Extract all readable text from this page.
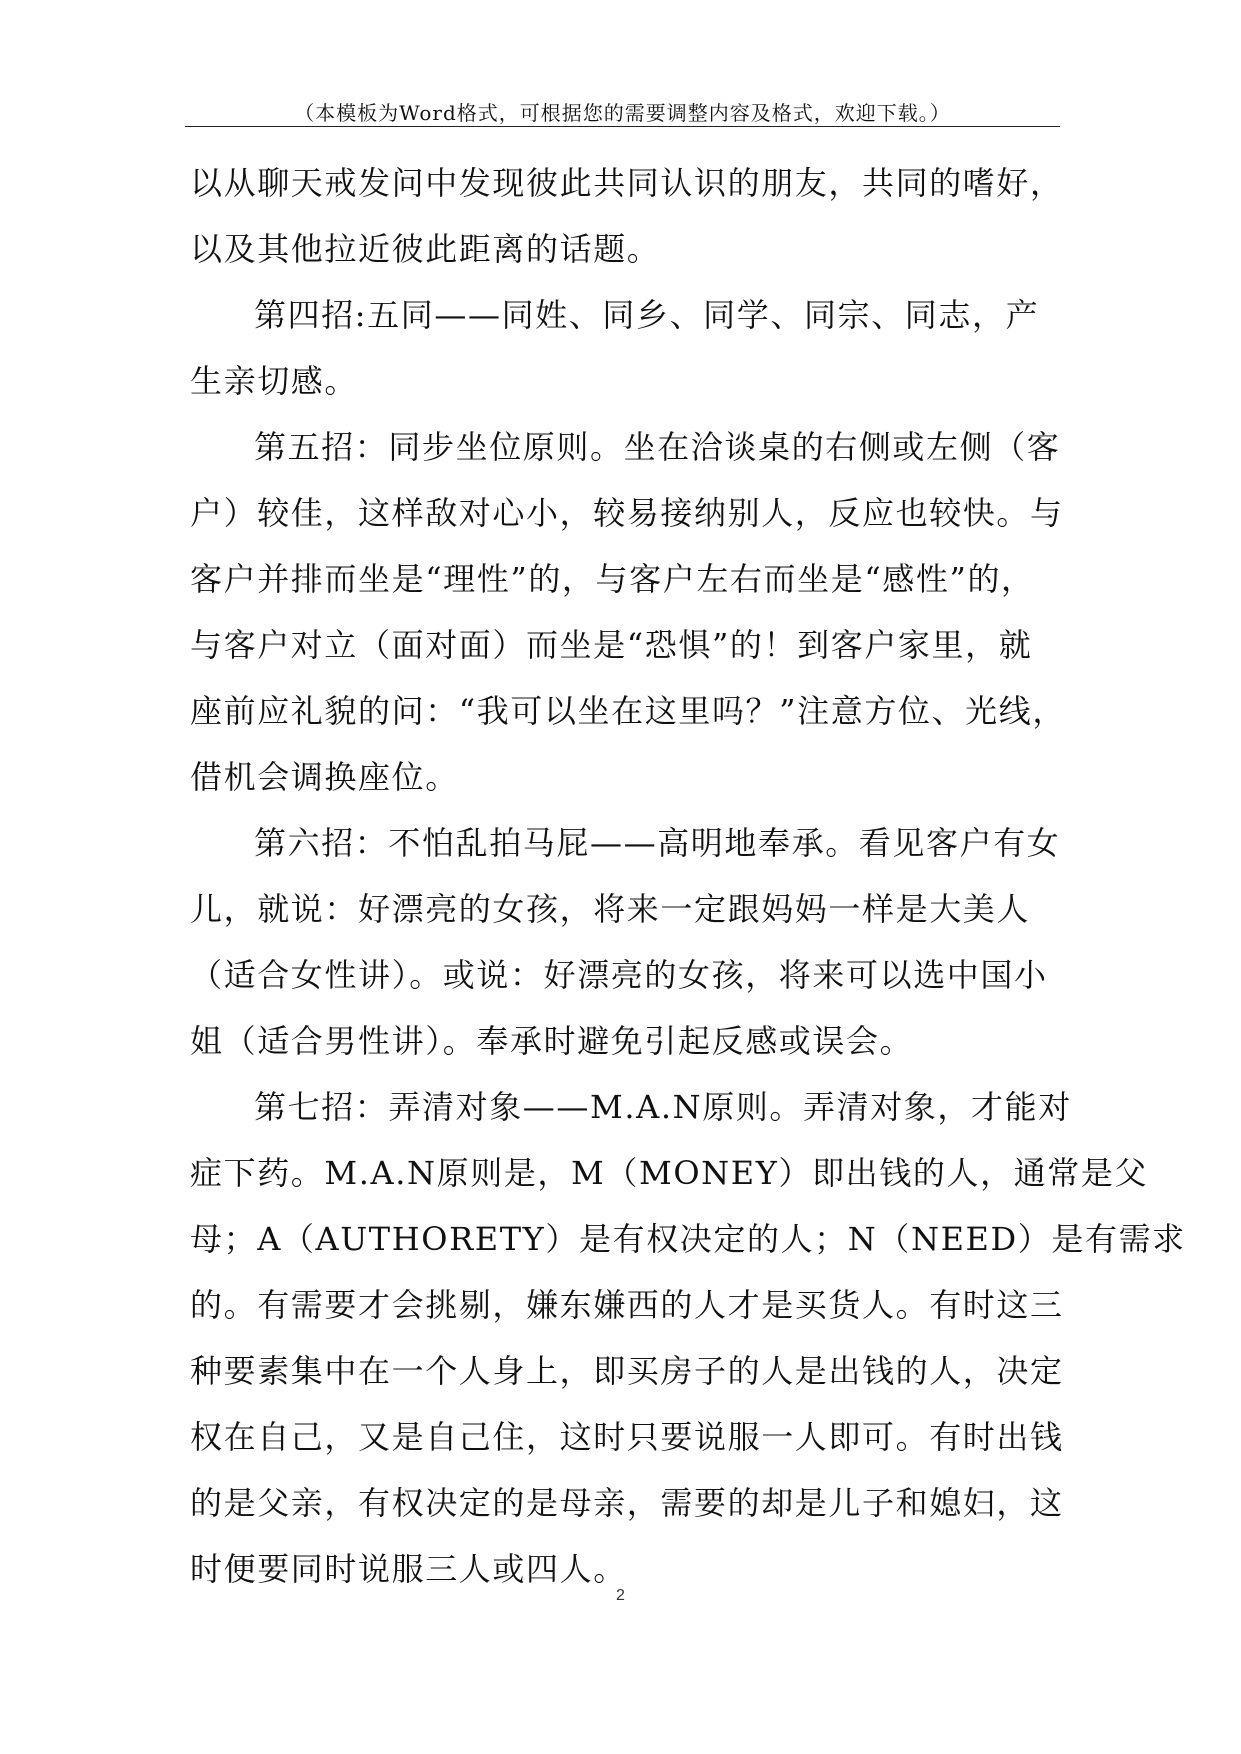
（本模板为Word格式，可根据您的需要调整内容及格式，欢迎下载。）
以从聊天戒发问中发现彼此共同认识的朋友，共同的嗜好，
以及其他拉近彼此距离的话题。
第四招:五同——同姓、同乡、同学、同宗、同志，产
生亲切感。
第五招：同步坐位原则。坐在洽谈桌的右侧或左侧（客
户）较佳，这样敌对心小，较易接纳别人，反应也较快。与
客户并排而坐是“理性”的，与客户左右而坐是“感性”的，
与客户对立（面对面）而坐是“恐惧”的！到客户家里，就
座前应礼貌的问：“我可以坐在这里吗？”注意方位、光线，
借机会调换座位。
第六招：不怕乱拍马屁——高明地奉承。看见客户有女
儿，就说：好漂亮的女孩，将来一定跟妈妈一样是大美人
（适合女性讲）。或说：好漂亮的女孩，将来可以选中国小
姐（适合男性讲）。奉承时避免引起反感或误会。
第七招：弄清对象——M.A.N原则。弄清对象，才能对
症下药。M.A.N原则是，M（MONEY）即出钱的人，通常是父
母；A（AUTHORETY）是有权决定的人；N（NEED）是有需求
的。有需要才会挑剔，嫌东嫌西的人才是买货人。有时这三
种要素集中在一个人身上，即买房子的人是出钱的人，决定
权在自己，又是自己住，这时只要说服一人即可。有时出钱
的是父亲，有权决定的是母亲，需要的却是儿子和媳妇，这
时便要同时说服三人或四人。
2
